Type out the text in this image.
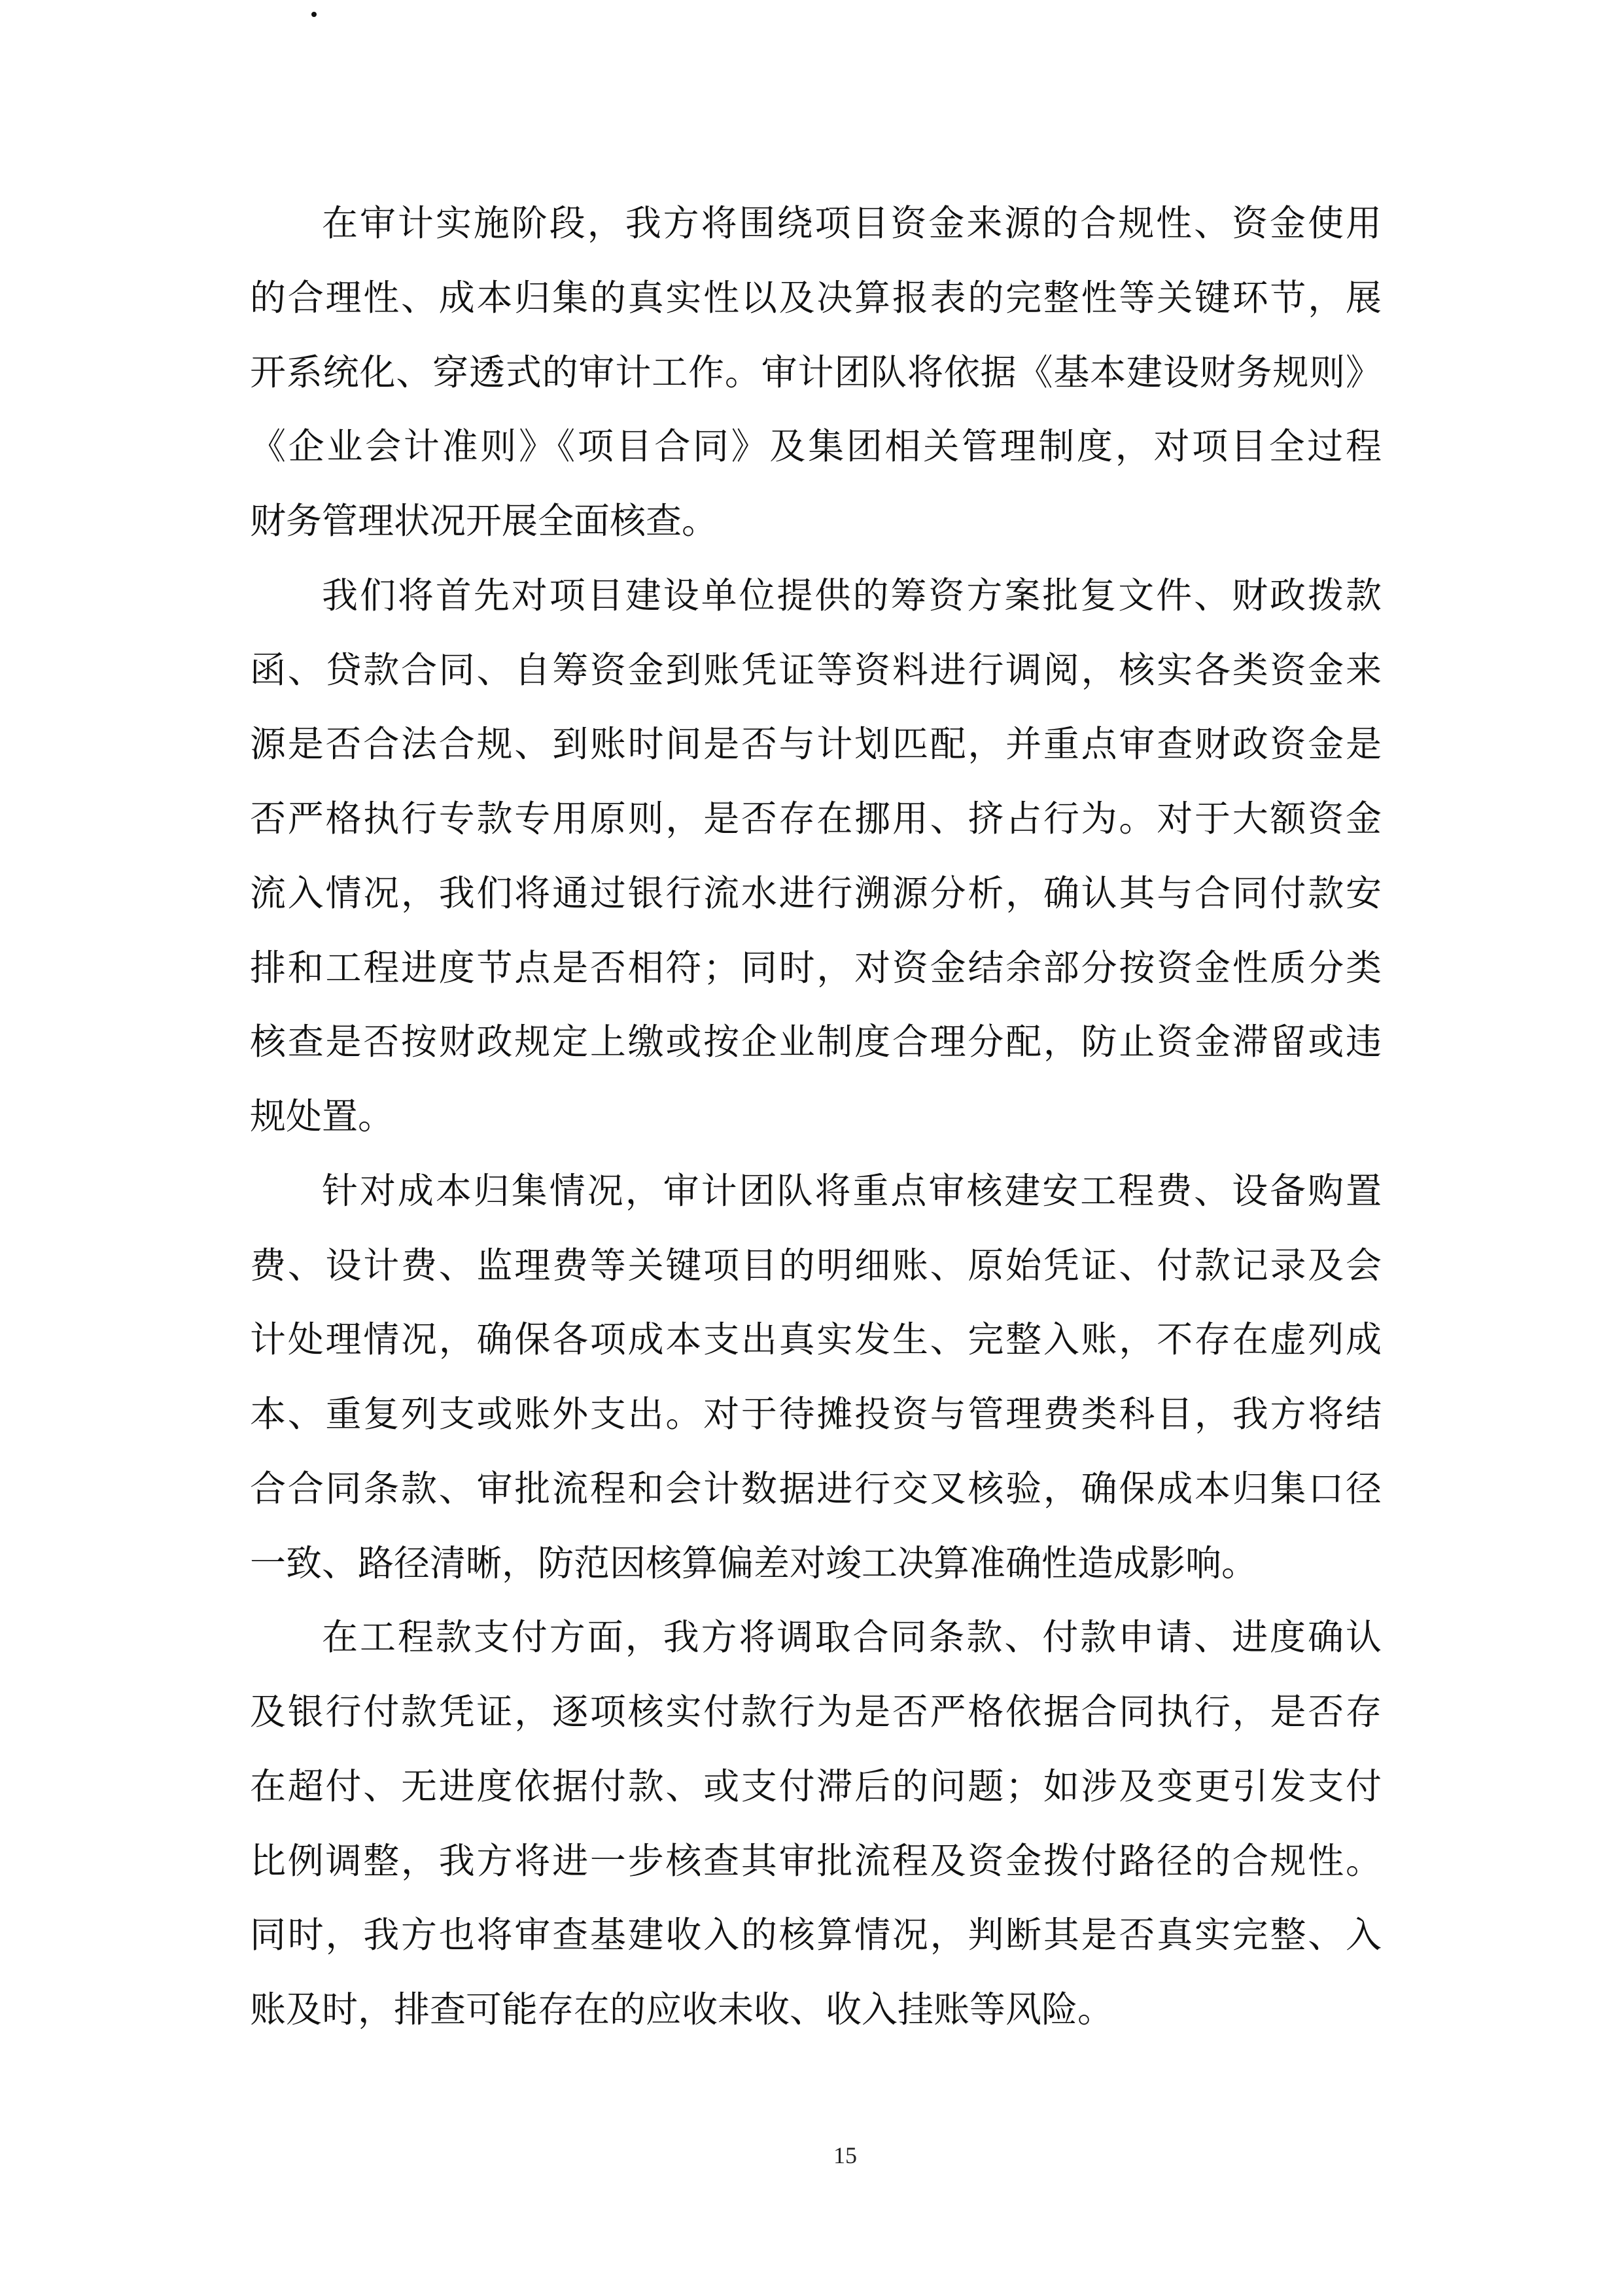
在审计实施阶段，我方将围绕项目资金来源的合规性、资金使用
的合理性、成本归集的真实性以及决算报表的完整性等关键环节，展
开系统化、穿透式的审计工作。审计团队将依据《基本建设财务规则》
《企业会计准则》《项目合同》及集团相关管理制度，对项目全过程
财务管理状况开展全面核查。
我们将首先对项目建设单位提供的筹资方案批复文件、财政拨款
函、贷款合同、自筹资金到账凭证等资料进行调阅，核实各类资金来
源是否合法合规、到账时间是否与计划匹配，并重点审查财政资金是
否严格执行专款专用原则，是否存在挪用、挤占行为。对于大额资金
流入情况，我们将通过银行流水进行溯源分析，确认其与合同付款安
排和工程进度节点是否相符；同时，对资金结余部分按资金性质分类
核查是否按财政规定上缴或按企业制度合理分配，防止资金滞留或违
规处置。
针对成本归集情况，审计团队将重点审核建安工程费、设备购置
费、设计费、监理费等关键项目的明细账、原始凭证、付款记录及会
计处理情况，确保各项成本支出真实发生、完整入账，不存在虚列成
本、重复列支或账外支出。对于待摊投资与管理费类科目，我方将结
合合同条款、审批流程和会计数据进行交叉核验，确保成本归集口径
一致、路径清晰，防范因核算偏差对竣工决算准确性造成影响。
在工程款支付方面，我方将调取合同条款、付款申请、进度确认
及银行付款凭证，逐项核实付款行为是否严格依据合同执行，是否存
在超付、无进度依据付款、或支付滞后的问题；如涉及变更引发支付
比例调整，我方将进一步核查其审批流程及资金拨付路径的合规性。
同时，我方也将审查基建收入的核算情况，判断其是否真实完整、入
账及时，排查可能存在的应收未收、收入挂账等风险。
15
